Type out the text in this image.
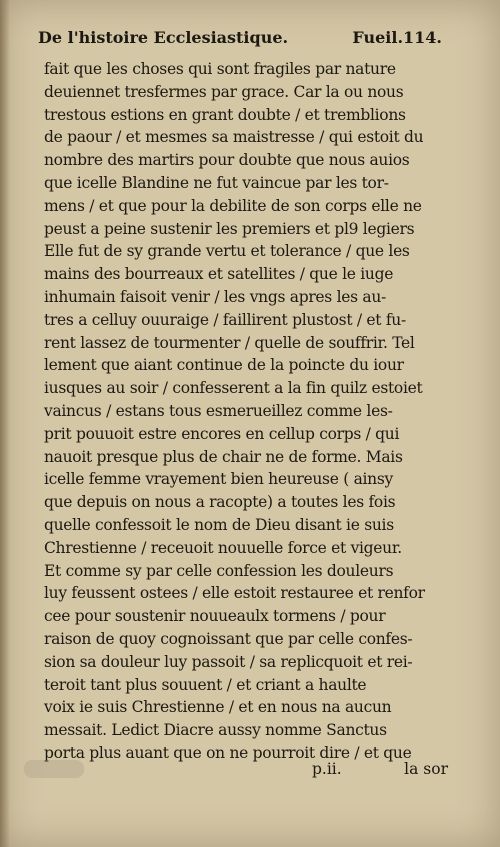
De l'histoire Ecclesiastique.	Fueil.114.
fait que les choses qui sont fragiles par nature
deuiennet tresfermes par grace. Car la ou nous
trestous estions en grant doubte / et tremblions
de paour / et mesmes sa maistresse / qui estoit du
nombre des martirs pour doubte que nous auios
que icelle Blandine ne fut vaincue par les tor-
mens / et que pour la debilite de son corps elle ne
peust a peine sustenir les premiers et pl9 legiers
Elle fut de sy grande vertu et tolerance / que les
mains des bourreaux et satellites / que le iuge
inhumain faisoit venir / les vngs apres les au-
tres a celluy ouuraige / faillirent plustost / et fu-
rent lassez de tourmenter / quelle de souffrir. Tel
lement que aiant continue de la poincte du iour
iusques au soir / confesserent a la fin quilz estoiet
vaincus / estans tous esmerueillez comme les-
prit pouuoit estre encores en cellup corps / qui
nauoit presque plus de chair ne de forme. Mais
icelle femme vrayement bien heureuse ( ainsy
que depuis on nous a racopte) a toutes les fois
quelle confessoit le nom de Dieu disant ie suis
Chrestienne / receuoit nouuelle force et vigeur.
Et comme sy par celle confession les douleurs
luy feussent ostees / elle estoit restauree et renfor
cee pour soustenir nouueaulx tormens / pour
raison de quoy cognoissant que par celle confes-
sion sa douleur luy passoit / sa replicquoit et rei-
teroit tant plus souuent / et criant a haulte
voix ie suis Chrestienne / et en nous na aucun
messait. Ledict Diacre aussy nomme Sanctus
porta plus auant que on ne pourroit dire / et que
p.ii.	la sor
